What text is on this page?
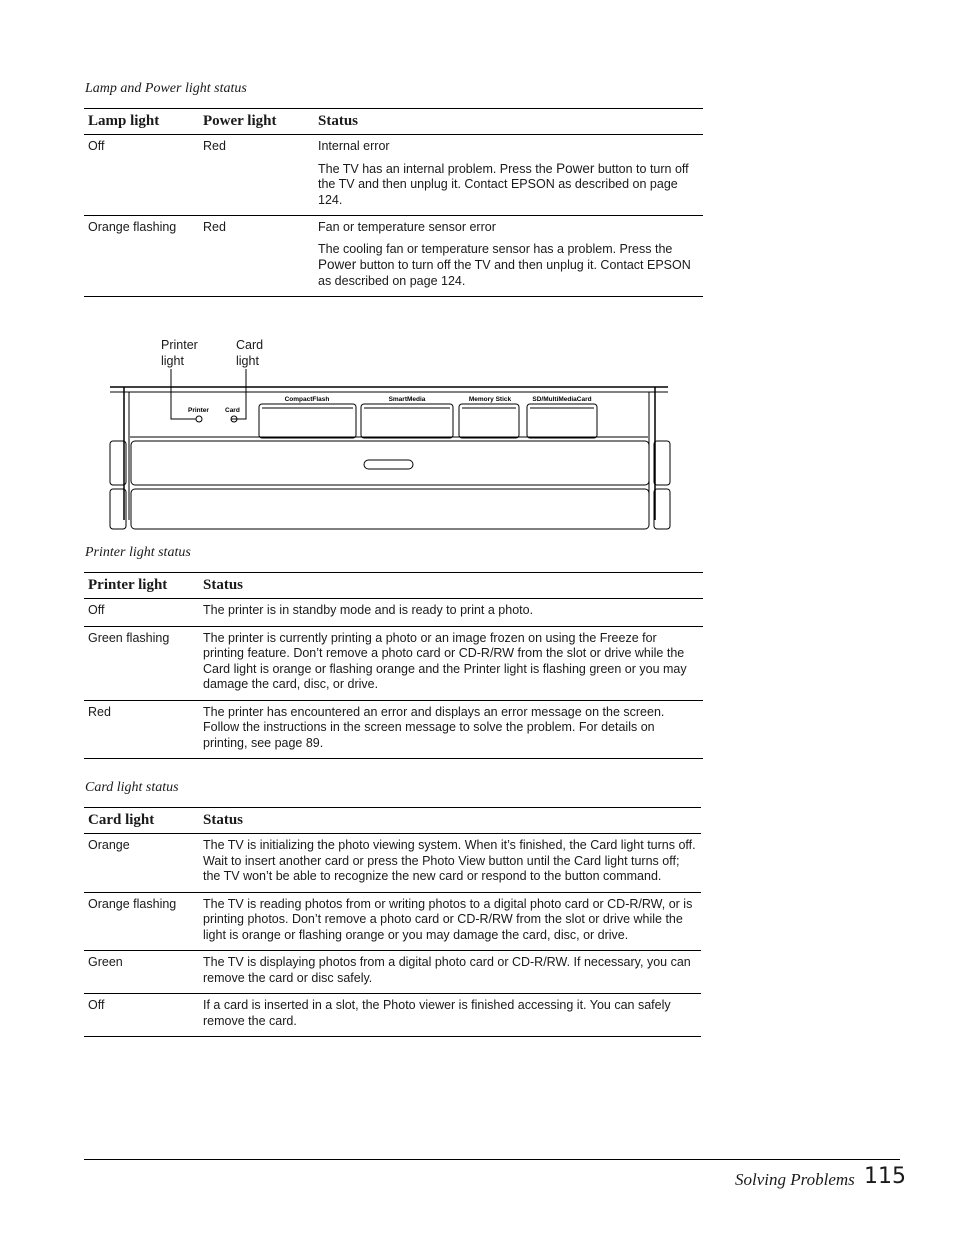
Lamp and Power light status
Lamp light	Power light	Status
Off	Red	Internal error

The TV has an internal problem. Press the Power button to turn off the TV and then unplug it. Contact EPSON as described on page 124.

Orange flashing	Red	Fan or temperature sensor error

The cooling fan or temperature sensor has a problem. Press the Power button to turn off the TV and then unplug it. Contact EPSON as described on page 124.

Printer light
Card light
Printer Card
CompactFlash	SmartMedia	Memory Stick	SD/MultiMediaCard
Printer light status
Printer light	Status
Off	The printer is in standby mode and is ready to print a photo.
Green flashing	The printer is currently printing a photo or an image frozen on using the Freeze for printing feature. Don’t remove a photo card or CD-R/RW from the slot or drive while the Card light is orange or flashing orange and the Printer light is flashing green or you may damage the card, disc, or drive.
Red	The printer has encountered an error and displays an error message on the screen. Follow the instructions in the screen message to solve the problem. For details on printing, see page 89.
Card light status
Card light	Status
Orange	The TV is initializing the photo viewing system. When it’s finished, the Card light turns off. Wait to insert another card or press the Photo View button until the Card light turns off; the TV won’t be able to recognize the new card or respond to the button command.
Orange flashing	The TV is reading photos from or writing photos to a digital photo card or CD-R/RW, or is printing photos. Don’t remove a photo card or CD-R/RW from the slot or drive while the light is orange or flashing orange or you may damage the card, disc, or drive.
Green	The TV is displaying photos from a digital photo card or CD-R/RW. If necessary, you can remove the card or disc safely.
Off	If a card is inserted in a slot, the Photo viewer is finished accessing it. You can safely remove the card.
Solving Problems 115
